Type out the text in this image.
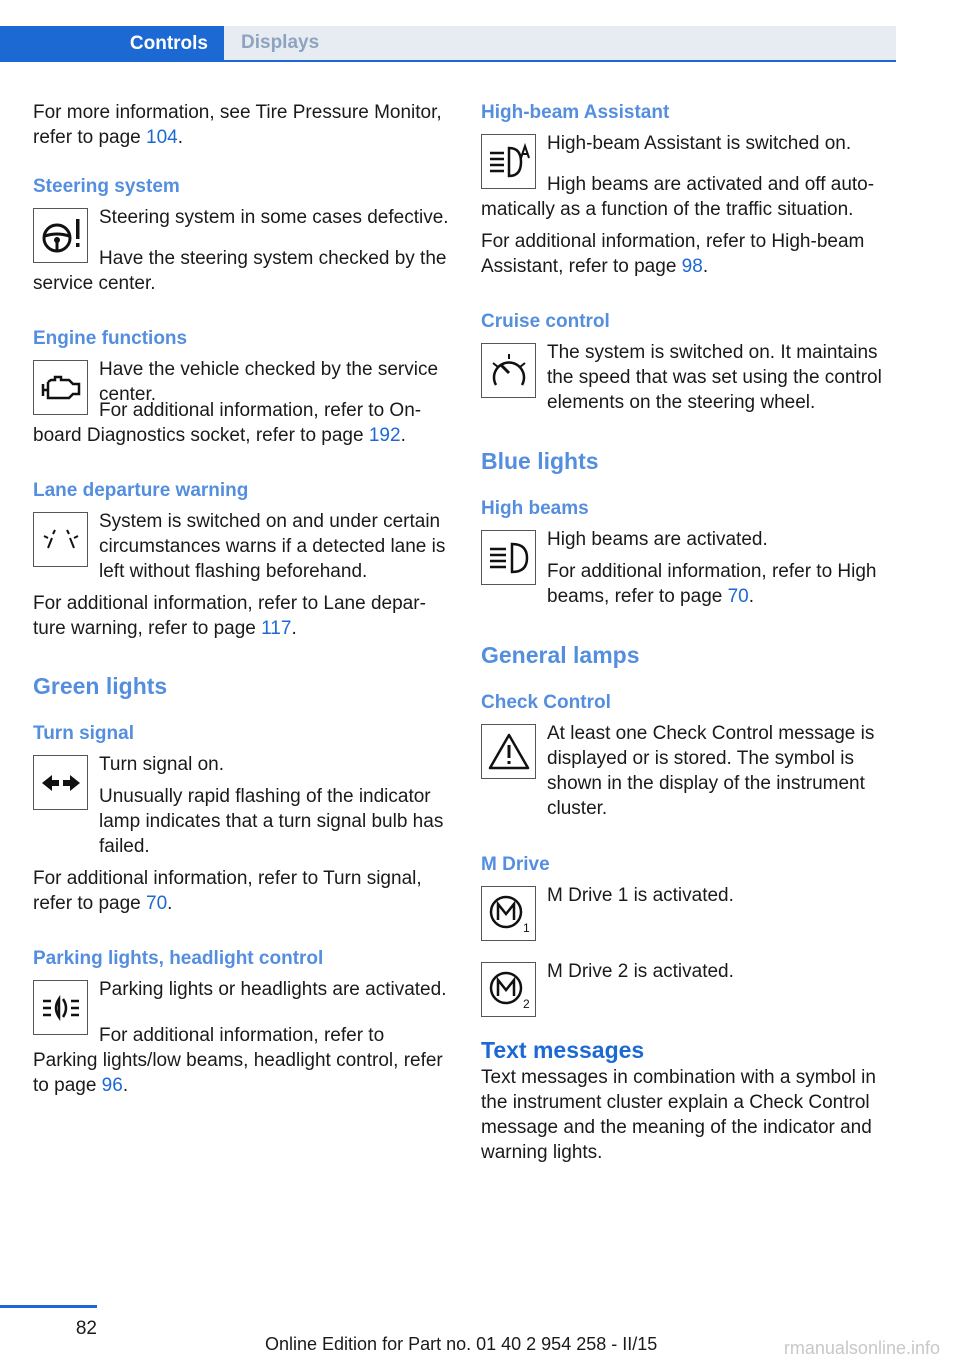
Controls	Displays

For more information, see Tire Pressure Monitor, refer to page 104.

Steering system

Steering system in some cases defective.

Have the steering system checked by the service center.

Engine functions

Have the vehicle checked by the service center.

For additional information, refer to On-board Diagnostics socket, refer to page 192.

Lane departure warning

System is switched on and under certain circumstances warns if a detected lane is left without flashing beforehand.

For additional information, refer to Lane departure warning, refer to page 117.

Green lights

Turn signal

Turn signal on.

Unusually rapid flashing of the indicator lamp indicates that a turn signal bulb has failed.

For additional information, refer to Turn signal, refer to page 70.

Parking lights, headlight control

Parking lights or headlights are activated.

For additional information, refer to Parking lights/low beams, headlight control, refer to page 96.

High-beam Assistant

High-beam Assistant is switched on.

High beams are activated and off automatically as a function of the traffic situation.

For additional information, refer to High-beam Assistant, refer to page 98.

Cruise control

The system is switched on. It maintains the speed that was set using the control elements on the steering wheel.

Blue lights

High beams

High beams are activated.

For additional information, refer to High beams, refer to page 70.

General lamps

Check Control

At least one Check Control message is displayed or is stored. The symbol is shown in the display of the instrument cluster.

M Drive

1

M Drive 1 is activated.

2

M Drive 2 is activated.

Text messages

Text messages in combination with a symbol in the instrument cluster explain a Check Control message and the meaning of the indicator and warning lights.

82
Online Edition for Part no. 01 40 2 954 258 - II/15	rmanualsonline.info
